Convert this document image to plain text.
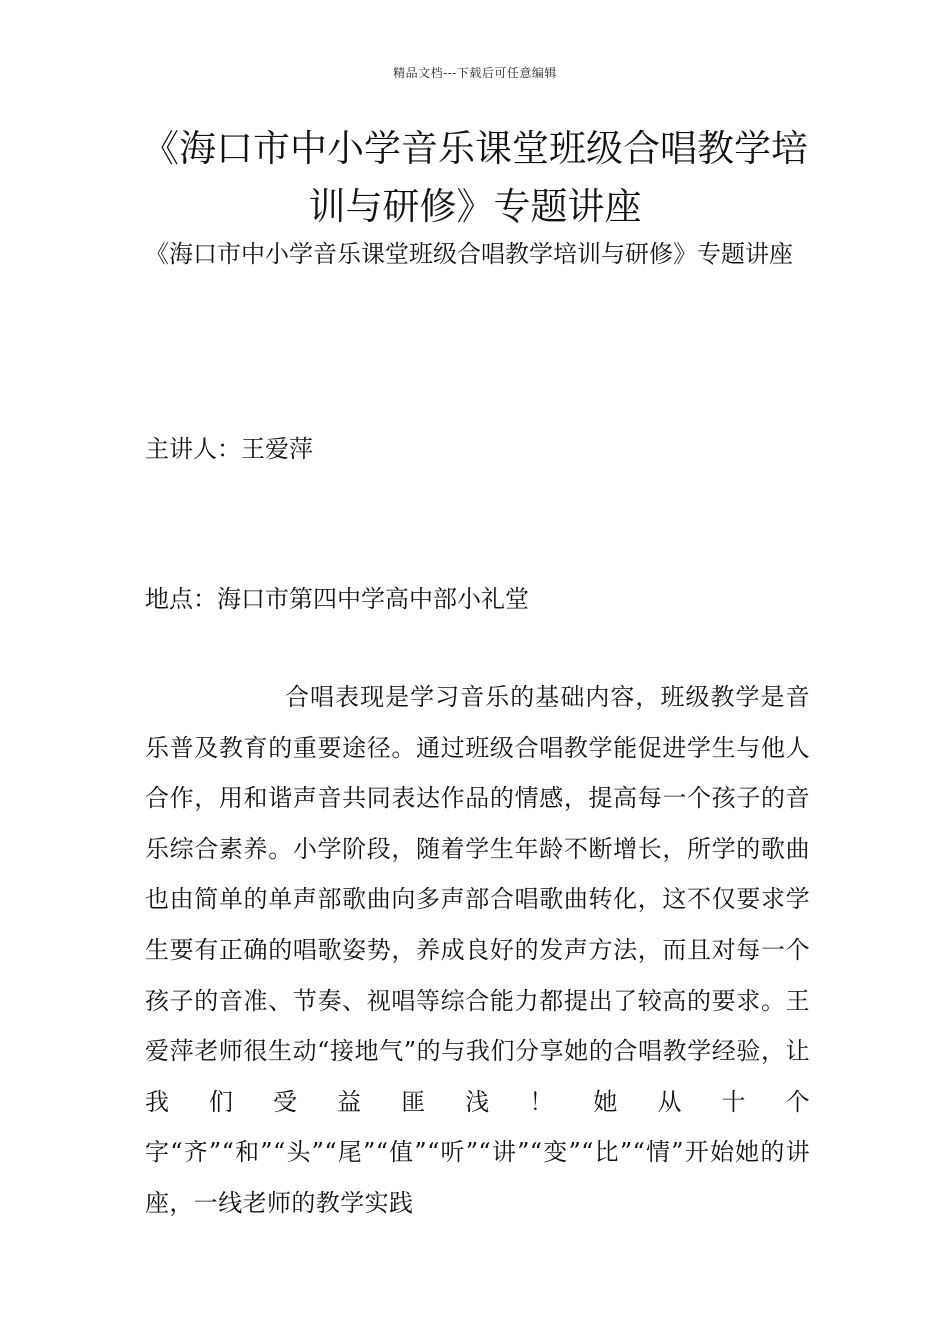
精品文档---下载后可任意编辑
《海口市中小学音乐课堂班级合唱教学培训与研修》专题讲座
《海口市中小学音乐课堂班级合唱教学培训与研修》专题讲座
主讲人：王爱萍
地点：海口市第四中学高中部小礼堂
合唱表现是学习音乐的基础内容，班级教学是音乐普及教育的重要途径。通过班级合唱教学能促进学生与他人合作，用和谐声音共同表达作品的情感，提高每一个孩子的音乐综合素养。小学阶段，随着学生年龄不断增长，所学的歌曲也由简单的单声部歌曲向多声部合唱歌曲转化，这不仅要求学生要有正确的唱歌姿势，养成良好的发声方法，而且对每一个孩子的音准、节奏、视唱等综合能力都提出了较高的要求。王爱萍老师很生动“接地气”的与我们分享她的合唱教学经验，让我们受益匪浅！她从十个字“齐”“和”“头”“尾”“值”“听”“讲”“变”“比”“情”开始她的讲座，一线老师的教学实践
